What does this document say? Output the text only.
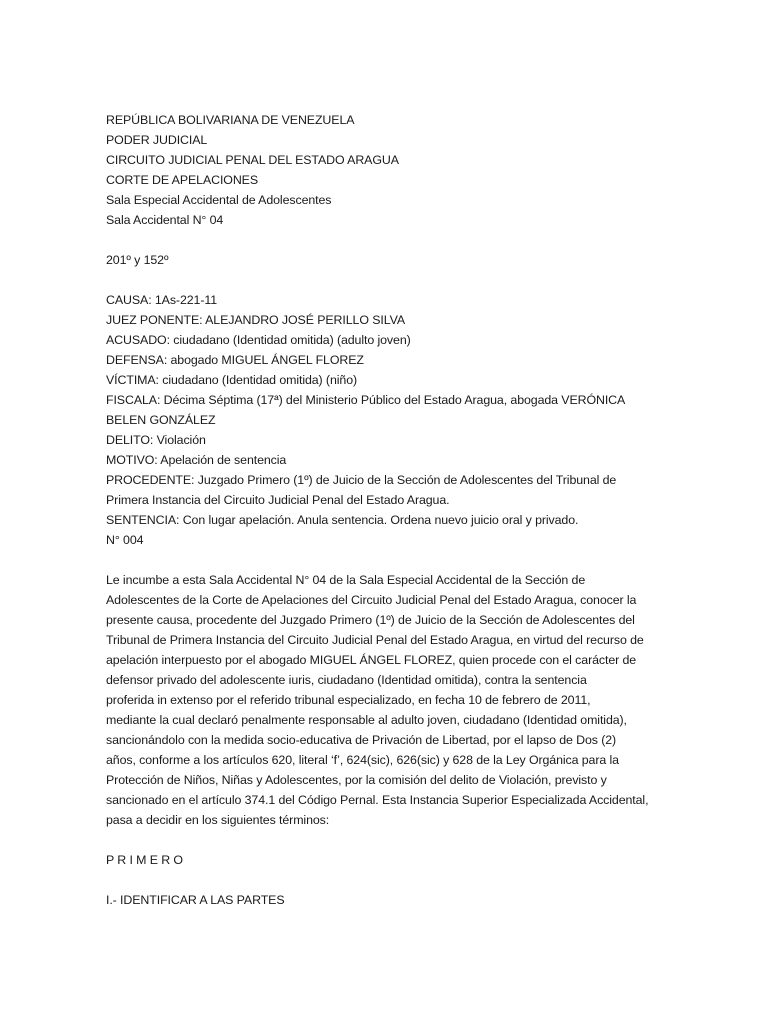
REPÚBLICA BOLIVARIANA DE VENEZUELA
PODER JUDICIAL
CIRCUITO JUDICIAL PENAL DEL ESTADO ARAGUA
CORTE DE APELACIONES
Sala Especial Accidental de Adolescentes
Sala Accidental N° 04
201º y 152º
CAUSA: 1As-221-11
JUEZ PONENTE: ALEJANDRO JOSÉ PERILLO SILVA
ACUSADO: ciudadano (Identidad omitida) (adulto joven)
DEFENSA: abogado MIGUEL ÁNGEL FLOREZ
VÍCTIMA: ciudadano (Identidad omitida) (niño)
FISCALA: Décima Séptima (17ª) del Ministerio Público del Estado Aragua, abogada VERÓNICA
BELEN GONZÁLEZ
DELITO: Violación
MOTIVO: Apelación de sentencia
PROCEDENTE: Juzgado Primero (1º) de Juicio de la Sección de Adolescentes del Tribunal de
Primera Instancia del Circuito Judicial Penal del Estado Aragua.
SENTENCIA: Con lugar apelación. Anula sentencia. Ordena nuevo juicio oral y privado.
N° 004
Le incumbe a esta Sala Accidental N° 04 de la Sala Especial Accidental de la Sección de
Adolescentes de la Corte de Apelaciones del Circuito Judicial Penal del Estado Aragua, conocer la
presente causa, procedente del Juzgado Primero (1º) de Juicio de la Sección de Adolescentes del
Tribunal de Primera Instancia del Circuito Judicial Penal del Estado Aragua, en virtud del recurso de
apelación interpuesto por el abogado MIGUEL ÁNGEL FLOREZ, quien procede con el carácter de
defensor privado del adolescente iuris, ciudadano (Identidad omitida), contra la sentencia
proferida in extenso por el referido tribunal especializado, en fecha 10 de febrero de 2011,
mediante la cual declaró penalmente responsable al adulto joven, ciudadano (Identidad omitida),
sancionándolo con la medida socio-educativa de Privación de Libertad, por el lapso de Dos (2)
años, conforme a los artículos 620, literal ‘f’, 624(sic), 626(sic) y 628 de la Ley Orgánica para la
Protección de Niños, Niñas y Adolescentes, por la comisión del delito de Violación, previsto y
sancionado en el artículo 374.1 del Código Pernal. Esta Instancia Superior Especializada Accidental,
pasa a decidir en los siguientes términos:
P R I M E R O
I.- IDENTIFICAR A LAS PARTES
